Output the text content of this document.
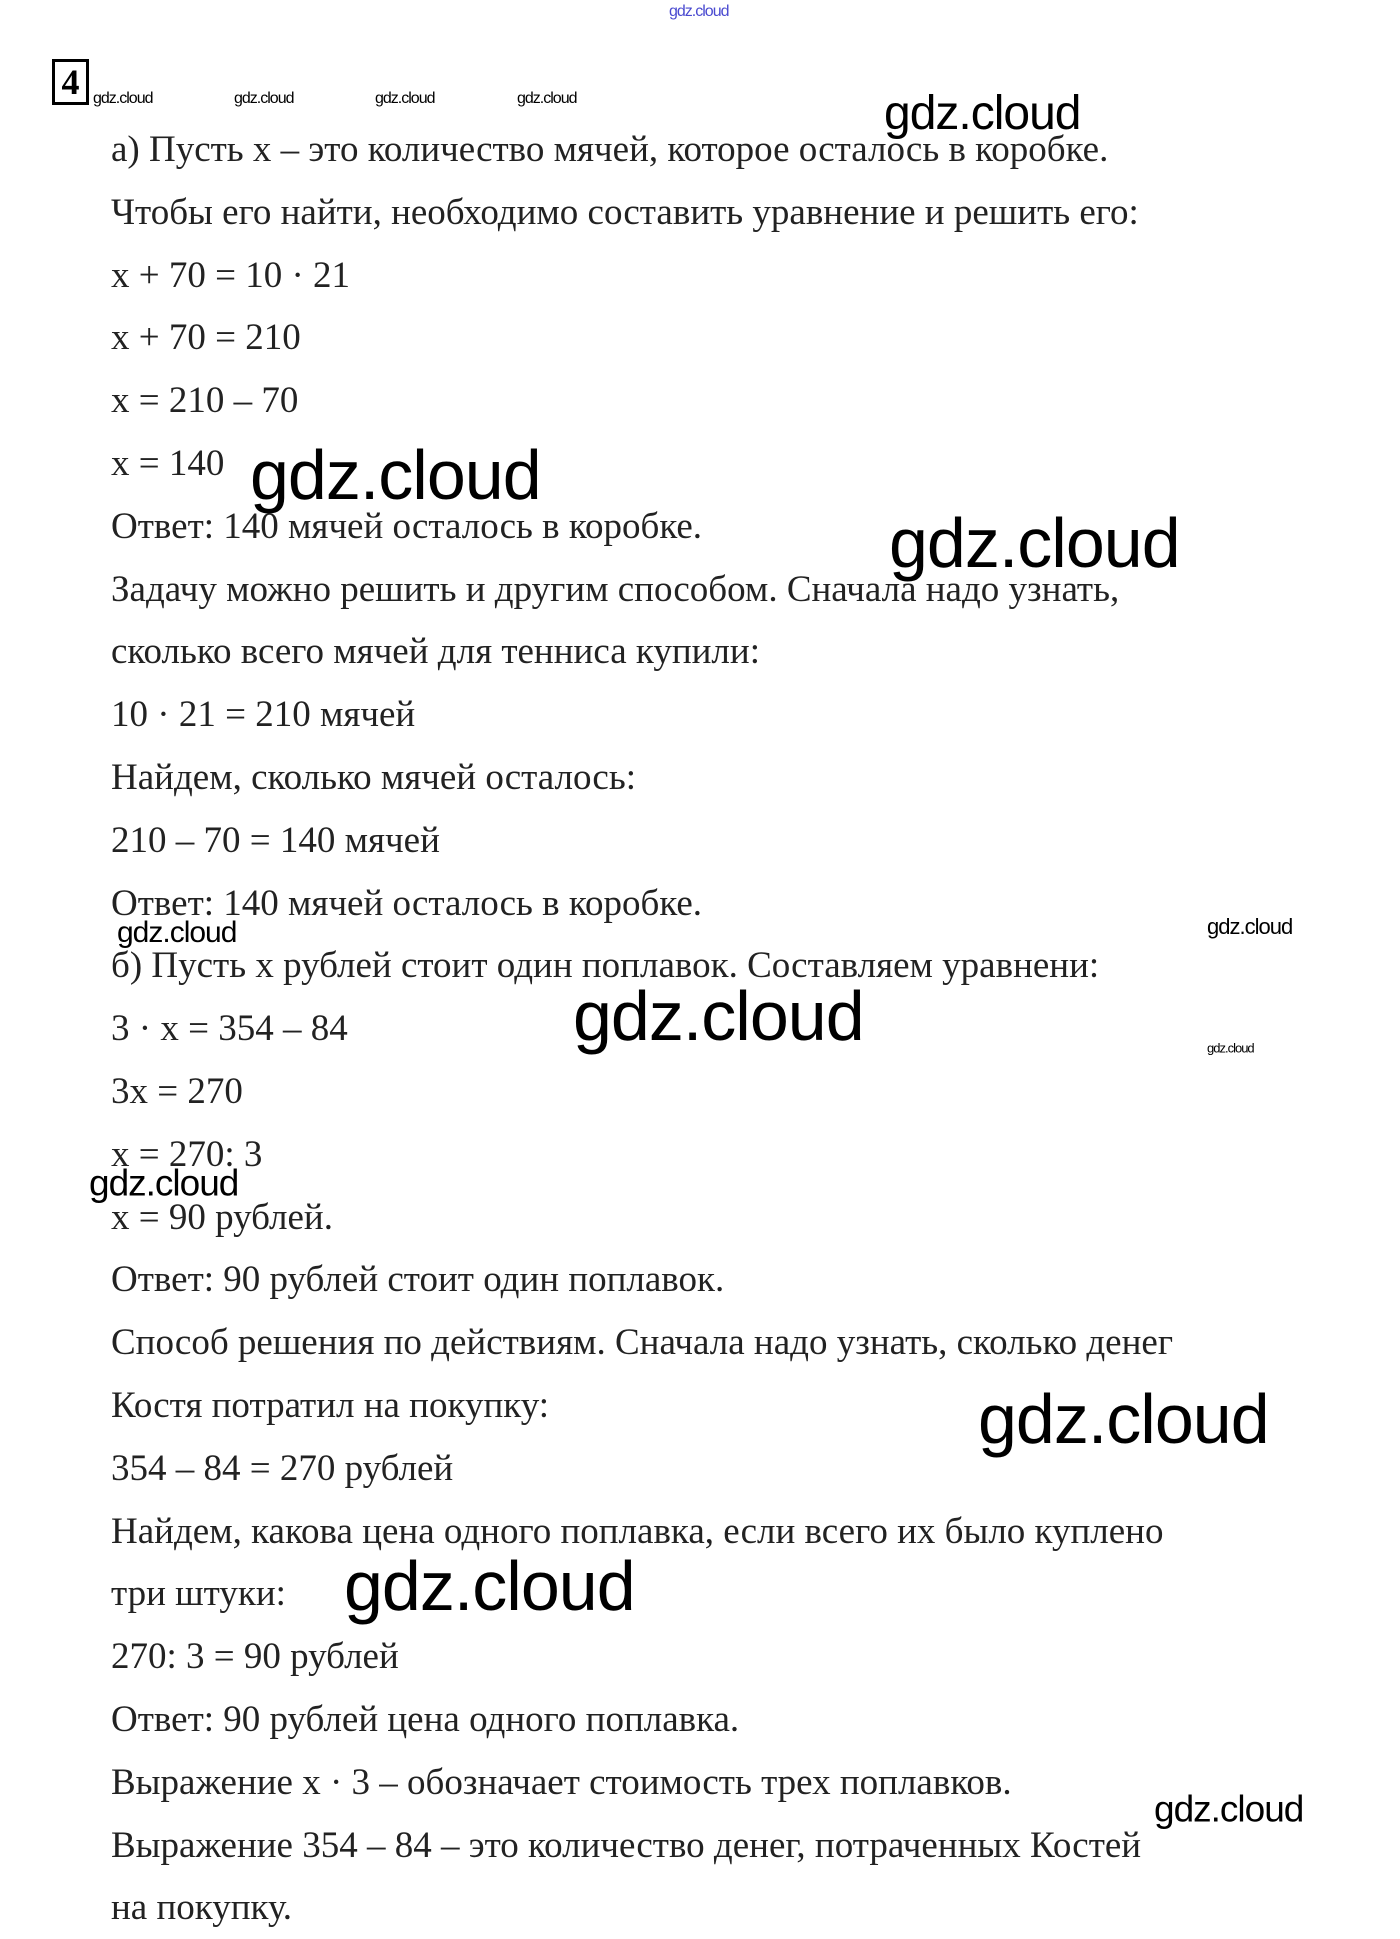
gdz.cloud
4 gdz.cloud	gdz.cloud	gdz.cloud	gdz.cloud
а) Пусть x – это количество мячей, которое осталось в коробке.
Чтобы его найти, необходимо составить уравнение и решить его:
x + 70 = 10 · 21
x + 70 = 210
x = 210 – 70
x = 140
Ответ: 140 мячей осталось в коробке.
Задачу можно решить и другим способом. Сначала надо узнать,
сколько всего мячей для тенниса купили:
10 · 21 = 210 мячей
Найдем, сколько мячей осталось:
210 – 70 = 140 мячей
Ответ: 140 мячей осталось в коробке.
б) Пусть x рублей стоит один поплавок. Составляем уравнени:
3 · x = 354 – 84
3x = 270
x = 270: 3
x = 90 рублей.
Ответ: 90 рублей стоит один поплавок.
Способ решения по действиям. Сначала надо узнать, сколько денег
Костя потратил на покупку:
354 – 84 = 270 рублей
Найдем, какова цена одного поплавка, если всего их было куплено
три штуки:
270: 3 = 90 рублей
Ответ: 90 рублей цена одного поплавка.
Выражение x · 3 – обозначает стоимость трех поплавков.
Выражение 354 – 84 – это количество денег, потраченных Костей
на покупку.
gdz.cloud
gdz.cloud
gdz.cloud
gdz.cloud	gdz.cloud
gdz.cloud	gdz.cloud
gdz.cloud
gdz.cloud
gdz.cloud
gdz.cloud
